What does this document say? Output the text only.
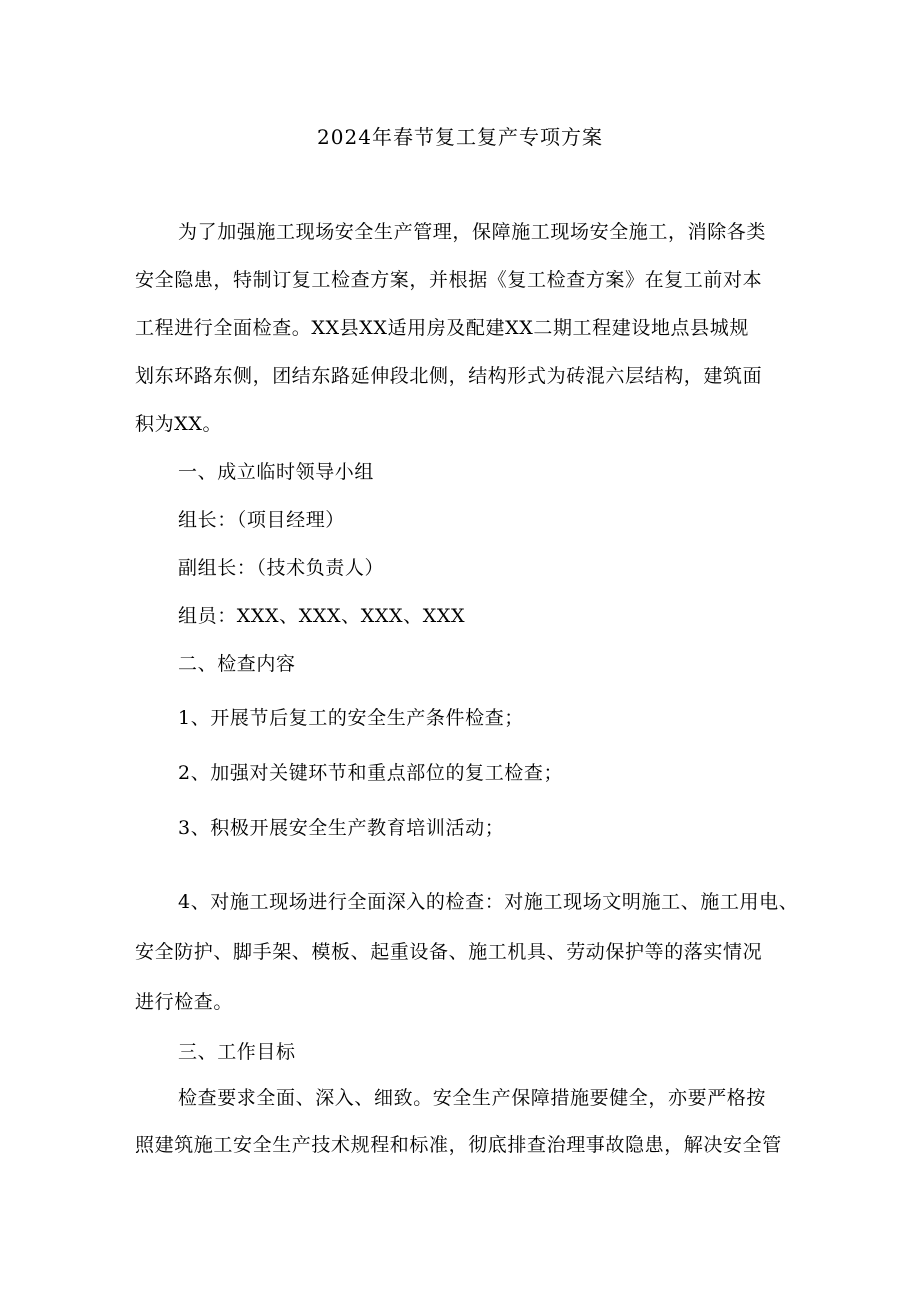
2024年春节复工复产专项方案
为了加强施工现场安全生产管理，保障施工现场安全施工，消除各类
安全隐患，特制订复工检查方案，并根据《复工检查方案》在复工前对本
工程进行全面检查。XX县XX适用房及配建XX二期工程建设地点县城规
划东环路东侧，团结东路延伸段北侧，结构形式为砖混六层结构，建筑面
积为XX。
一、成立临时领导小组
组长：（项目经理）
副组长：（技术负责人）
组员：XXX、XXX、XXX、XXX
二、检查内容
1、开展节后复工的安全生产条件检查；
2、加强对关键环节和重点部位的复工检查；
3、积极开展安全生产教育培训活动；
4、对施工现场进行全面深入的检查：对施工现场文明施工、施工用电、
安全防护、脚手架、模板、起重设备、施工机具、劳动保护等的落实情况
进行检查。
三、工作目标
检查要求全面、深入、细致。安全生产保障措施要健全，亦要严格按
照建筑施工安全生产技术规程和标准，彻底排查治理事故隐患，解决安全管
